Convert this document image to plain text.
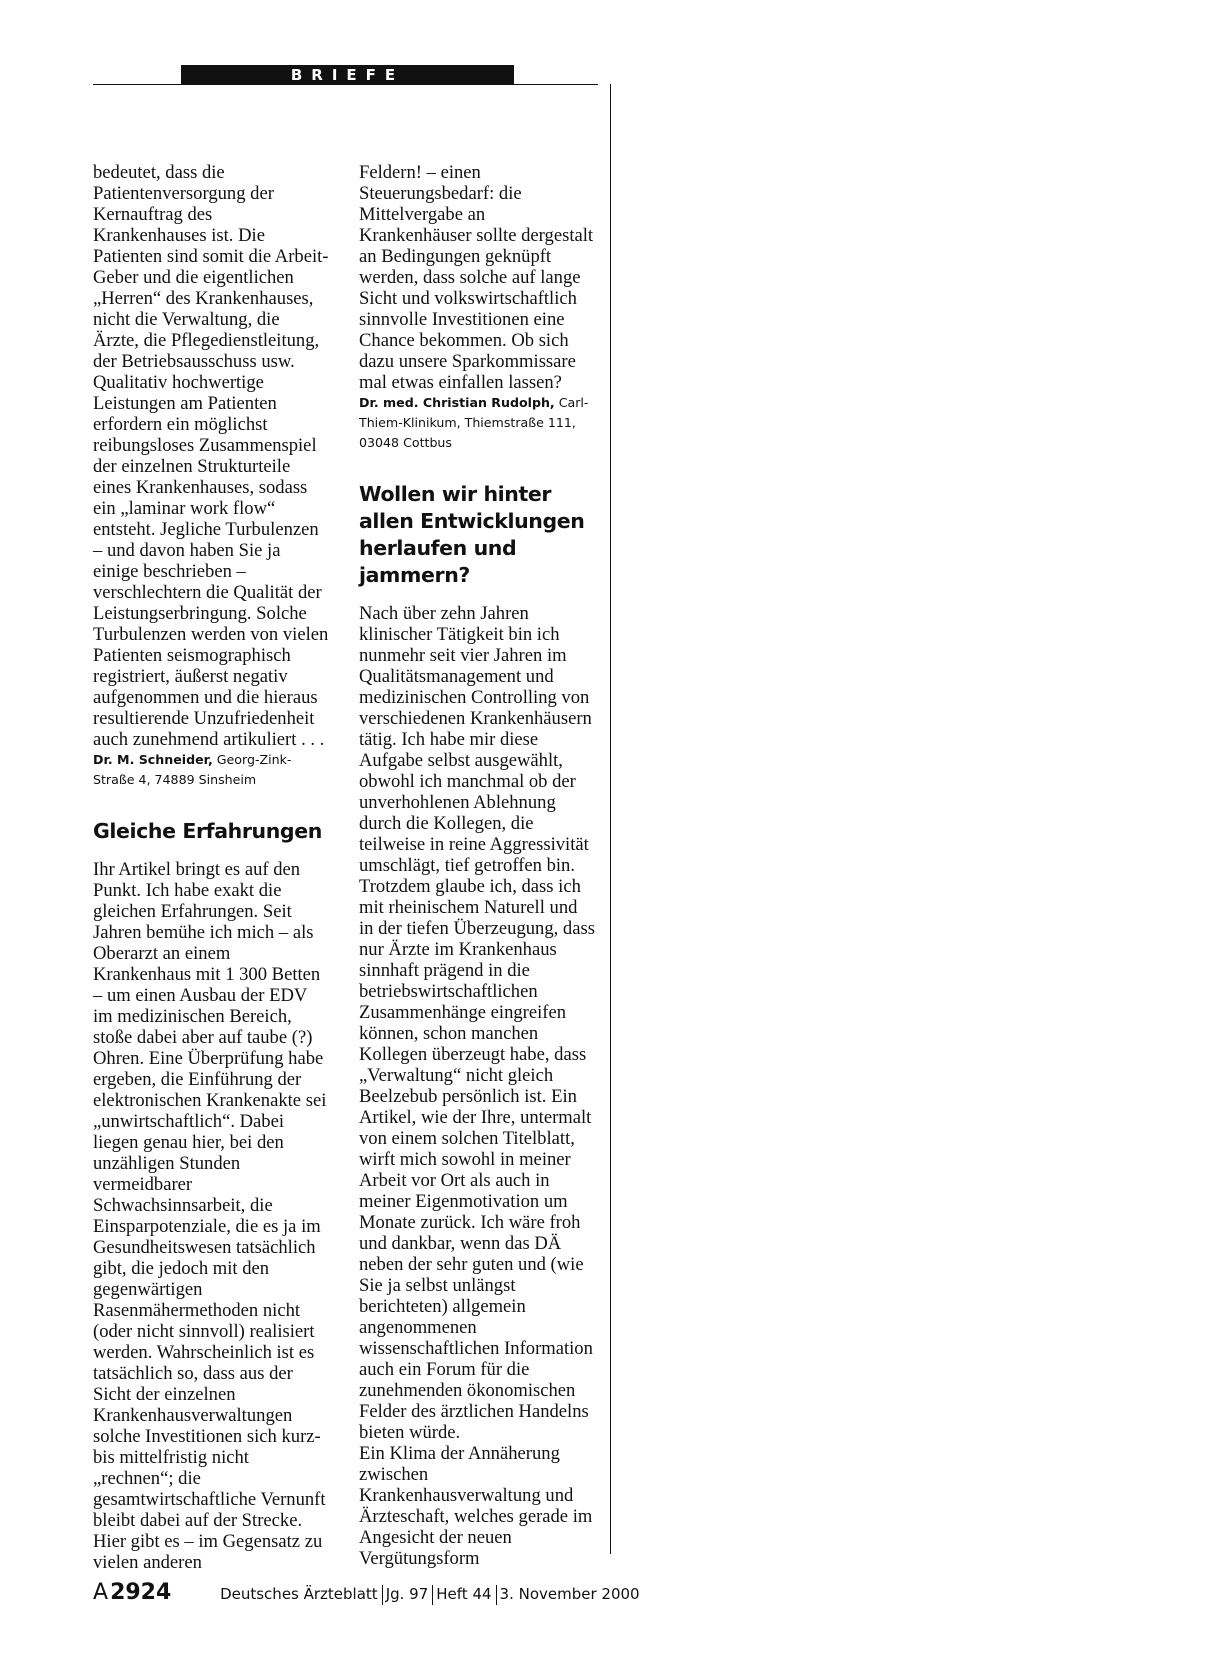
BRIEFE

bedeutet, dass die Patientenversorgung der Kernauftrag des Krankenhauses ist. Die Patienten sind somit die Arbeit-Geber und die eigentlichen „Herren“ des Krankenhauses, nicht die Verwaltung, die Ärzte, die Pflegedienstleitung, der Betriebsausschuss usw.

Qualitativ hochwertige Leistungen am Patienten erfordern ein möglichst reibungsloses Zusammenspiel der einzelnen Strukturteile eines Krankenhauses, sodass ein „laminar work flow“ entsteht. Jegliche Turbulenzen – und davon haben Sie ja einige beschrieben – verschlechtern die Qualität der Leistungserbringung. Solche Turbulenzen werden von vielen Patienten seismographisch registriert, äußerst negativ aufgenommen und die hieraus resultierende Unzufriedenheit auch zunehmend artikuliert . . .

Dr. M. Schneider, Georg-Zink-Straße 4, 74889 Sinsheim

Gleiche Erfahrungen

Ihr Artikel bringt es auf den Punkt. Ich habe exakt die gleichen Erfahrungen. Seit Jahren bemühe ich mich – als Oberarzt an einem Krankenhaus mit 1 300 Betten – um einen Ausbau der EDV im medizinischen Bereich, stoße dabei aber auf taube (?) Ohren. Eine Überprüfung habe ergeben, die Einführung der elektronischen Krankenakte sei „unwirtschaftlich“. Dabei liegen genau hier, bei den unzähligen Stunden vermeidbarer Schwachsinnsarbeit, die Einsparpotenziale, die es ja im Gesundheitswesen tatsächlich gibt, die jedoch mit den gegenwärtigen Rasenmähermethoden nicht (oder nicht sinnvoll) realisiert werden. Wahrscheinlich ist es tatsächlich so, dass aus der Sicht der einzelnen Krankenhausverwaltungen solche Investitionen sich kurz- bis mittelfristig nicht „rechnen“; die gesamtwirtschaftliche Vernunft bleibt dabei auf der Strecke. Hier gibt es – im Gegensatz zu vielen anderen

Feldern! – einen Steuerungsbedarf: die Mittelvergabe an Krankenhäuser sollte dergestalt an Bedingungen geknüpft werden, dass solche auf lange Sicht und volkswirtschaftlich sinnvolle Investitionen eine Chance bekommen. Ob sich dazu unsere Sparkommissare mal etwas einfallen lassen?

Dr. med. Christian Rudolph, Carl-Thiem-Klinikum, Thiemstraße 111, 03048 Cottbus

Wollen wir hinter allen Entwicklungen herlaufen und jammern?

Nach über zehn Jahren klinischer Tätigkeit bin ich nunmehr seit vier Jahren im Qualitätsmanagement und medizinischen Controlling von verschiedenen Krankenhäusern tätig. Ich habe mir diese Aufgabe selbst ausgewählt, obwohl ich manchmal ob der unverhohlenen Ablehnung durch die Kollegen, die teilweise in reine Aggressivität umschlägt, tief getroffen bin. Trotzdem glaube ich, dass ich mit rheinischem Naturell und in der tiefen Überzeugung, dass nur Ärzte im Krankenhaus sinnhaft prägend in die betriebswirtschaftlichen Zusammenhänge eingreifen können, schon manchen Kollegen überzeugt habe, dass „Verwaltung“ nicht gleich Beelzebub persönlich ist. Ein Artikel, wie der Ihre, untermalt von einem solchen Titelblatt, wirft mich sowohl in meiner Arbeit vor Ort als auch in meiner Eigenmotivation um Monate zurück. Ich wäre froh und dankbar, wenn das DÄ neben der sehr guten und (wie Sie ja selbst unlängst berichteten) allgemein angenommenen wissenschaftlichen Information auch ein Forum für die zunehmenden ökonomischen Felder des ärztlichen Handelns bieten würde.

Ein Klima der Annäherung zwischen Krankenhausverwaltung und Ärzteschaft, welches gerade im Angesicht der neuen Vergütungsform

A2924	Deutsches Ärzteblatt Jg. 97 Heft 44 3. November 2000
